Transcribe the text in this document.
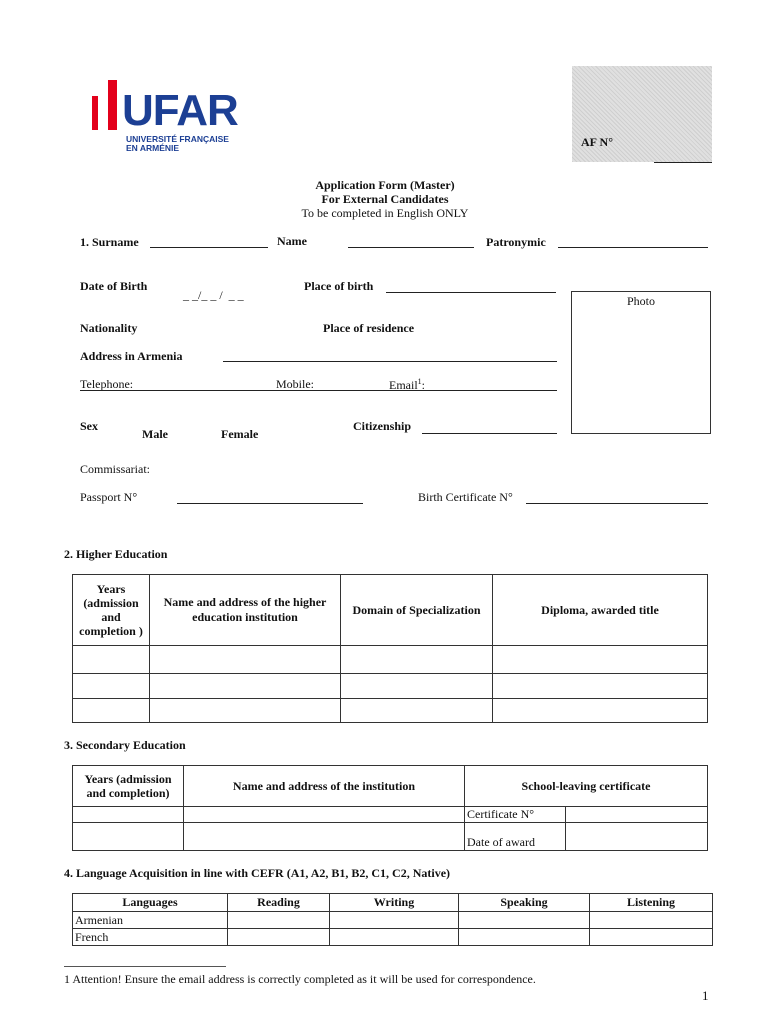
UFAR
UNIVERSITÉ FRANÇAISE
EN ARMÉNIE	AF N°
Application Form (Master)
For External Candidates
To be completed in English ONLY
1. Surname	Name	Patronymic
Date of Birth
_ _/_ _ /  _ _
Place of birth
Photo
Nationality	Place of residence
Address in Armenia
Telephone:	Mobile:	Email$^1$:
Sex
Male	Female
Citizenship
Commissariat:
Passport N°	Birth Certificate N°
2. Higher Education
Years (admission and completion )	Name and address of the higher education institution	Domain of Specialization	Diploma, awarded title

3. Secondary Education
Years (admission and completion)	Name and address of the institution	School-leaving certificate	
		Certificate N°	
		Date of award	
4. Language Acquisition in line with CEFR (A1, A2, B1, B2, C1, C2, Native)
Languages	Reading	Writing	Speaking	Listening
Armenian				
French				
1 Attention! Ensure the email address is correctly completed as it will be used for correspondence.
1
